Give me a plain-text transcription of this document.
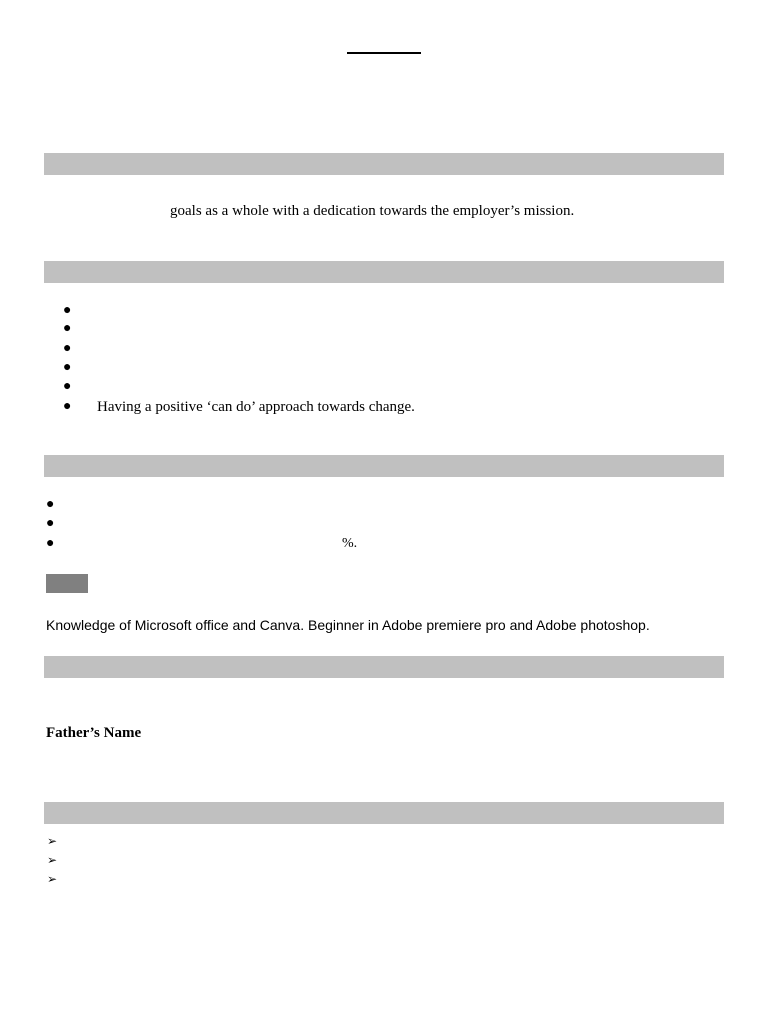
goals as a whole with a dedication towards the employer’s mission.
●
●
●
●
●
● Having a positive ‘can do’ approach towards change.
●
●
●	%.
Knowledge of Microsoft office and Canva. Beginner in Adobe premiere pro and Adobe photoshop.
Father’s Name
➢
➢
➢
